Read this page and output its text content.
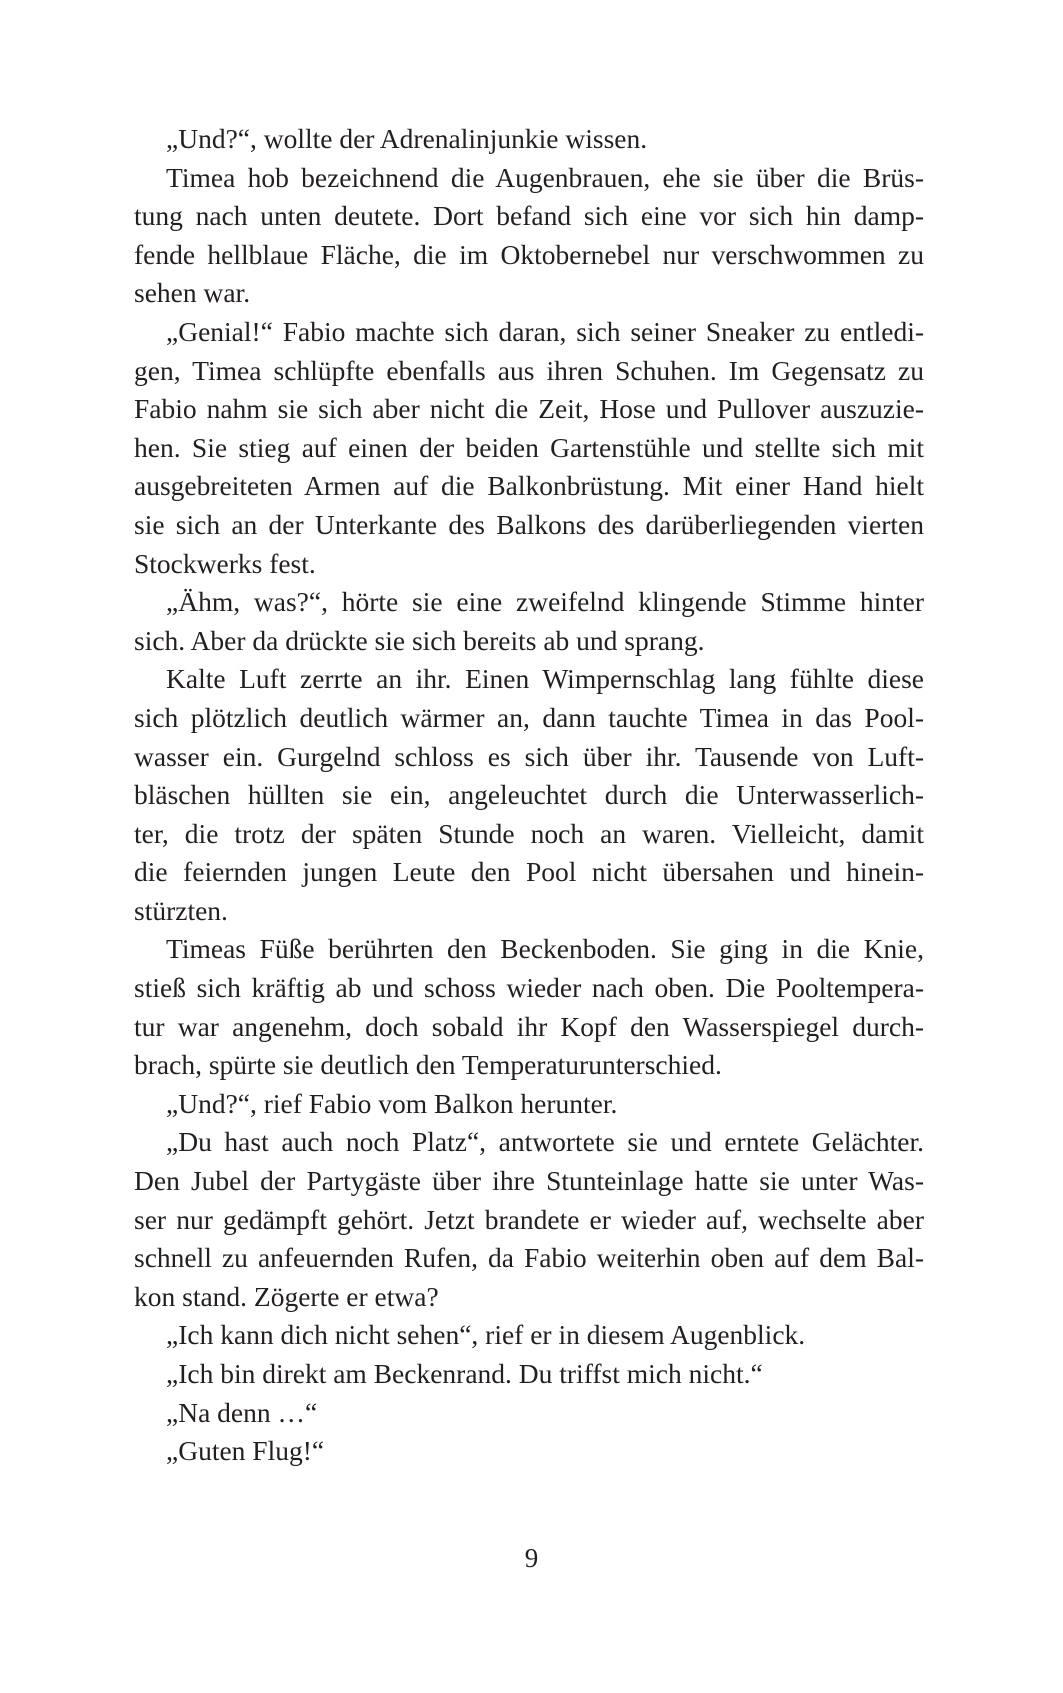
„Und?“, wollte der Adrenalinjunkie wissen.
Timea hob bezeichnend die Augenbrauen, ehe sie über die Brüs-
tung nach unten deutete. Dort befand sich eine vor sich hin damp-
fende hellblaue Fläche, die im Oktobernebel nur verschwommen zu
sehen war.
„Genial!“ Fabio machte sich daran, sich seiner Sneaker zu entledi-
gen, Timea schlüpfte ebenfalls aus ihren Schuhen. Im Gegensatz zu
Fabio nahm sie sich aber nicht die Zeit, Hose und Pullover auszuzie-
hen. Sie stieg auf einen der beiden Gartenstühle und stellte sich mit
ausgebreiteten Armen auf die Balkonbrüstung. Mit einer Hand hielt
sie sich an der Unterkante des Balkons des darüberliegenden vierten
Stockwerks fest.
„Ähm, was?“, hörte sie eine zweifelnd klingende Stimme hinter
sich. Aber da drückte sie sich bereits ab und sprang.
Kalte Luft zerrte an ihr. Einen Wimpernschlag lang fühlte diese
sich plötzlich deutlich wärmer an, dann tauchte Timea in das Pool-
wasser ein. Gurgelnd schloss es sich über ihr. Tausende von Luft-
bläschen hüllten sie ein, angeleuchtet durch die Unterwasserlich-
ter, die trotz der späten Stunde noch an waren. Vielleicht, damit
die feiernden jungen Leute den Pool nicht übersahen und hinein-
stürzten.
Timeas Füße berührten den Beckenboden. Sie ging in die Knie,
stieß sich kräftig ab und schoss wieder nach oben. Die Pooltempera-
tur war angenehm, doch sobald ihr Kopf den Wasserspiegel durch-
brach, spürte sie deutlich den Temperaturunterschied.
„Und?“, rief Fabio vom Balkon herunter.
„Du hast auch noch Platz“, antwortete sie und erntete Gelächter.
Den Jubel der Partygäste über ihre Stunteinlage hatte sie unter Was-
ser nur gedämpft gehört. Jetzt brandete er wieder auf, wechselte aber
schnell zu anfeuernden Rufen, da Fabio weiterhin oben auf dem Bal-
kon stand. Zögerte er etwa?
„Ich kann dich nicht sehen“, rief er in diesem Augenblick.
„Ich bin direkt am Beckenrand. Du triffst mich nicht.“
„Na denn …“
„Guten Flug!“
9
